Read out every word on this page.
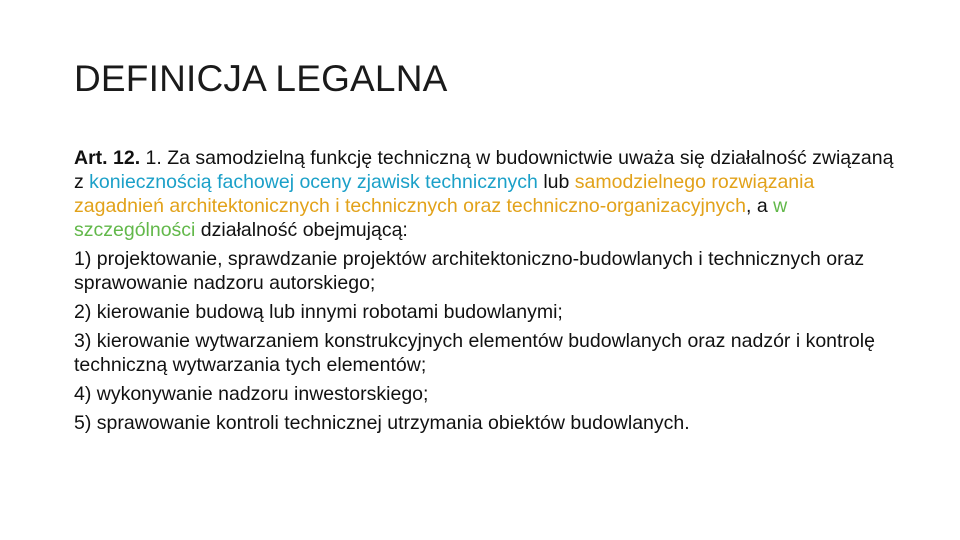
DEFINICJA LEGALNA

Art. 12. 1. Za samodzielną funkcję techniczną w budownictwie uważa się działalność związaną z koniecznością fachowej oceny zjawisk technicznych lub samodzielnego rozwiązania zagadnień architektonicznych i technicznych oraz techniczno-organizacyjnych, a w szczególności działalność obejmującą:

1) projektowanie, sprawdzanie projektów architektoniczno-budowlanych i technicznych oraz sprawowanie nadzoru autorskiego;

2) kierowanie budową lub innymi robotami budowlanymi;

3) kierowanie wytwarzaniem konstrukcyjnych elementów budowlanych oraz nadzór i kontrolę techniczną wytwarzania tych elementów;

4) wykonywanie nadzoru inwestorskiego;

5) sprawowanie kontroli technicznej utrzymania obiektów budowlanych.
